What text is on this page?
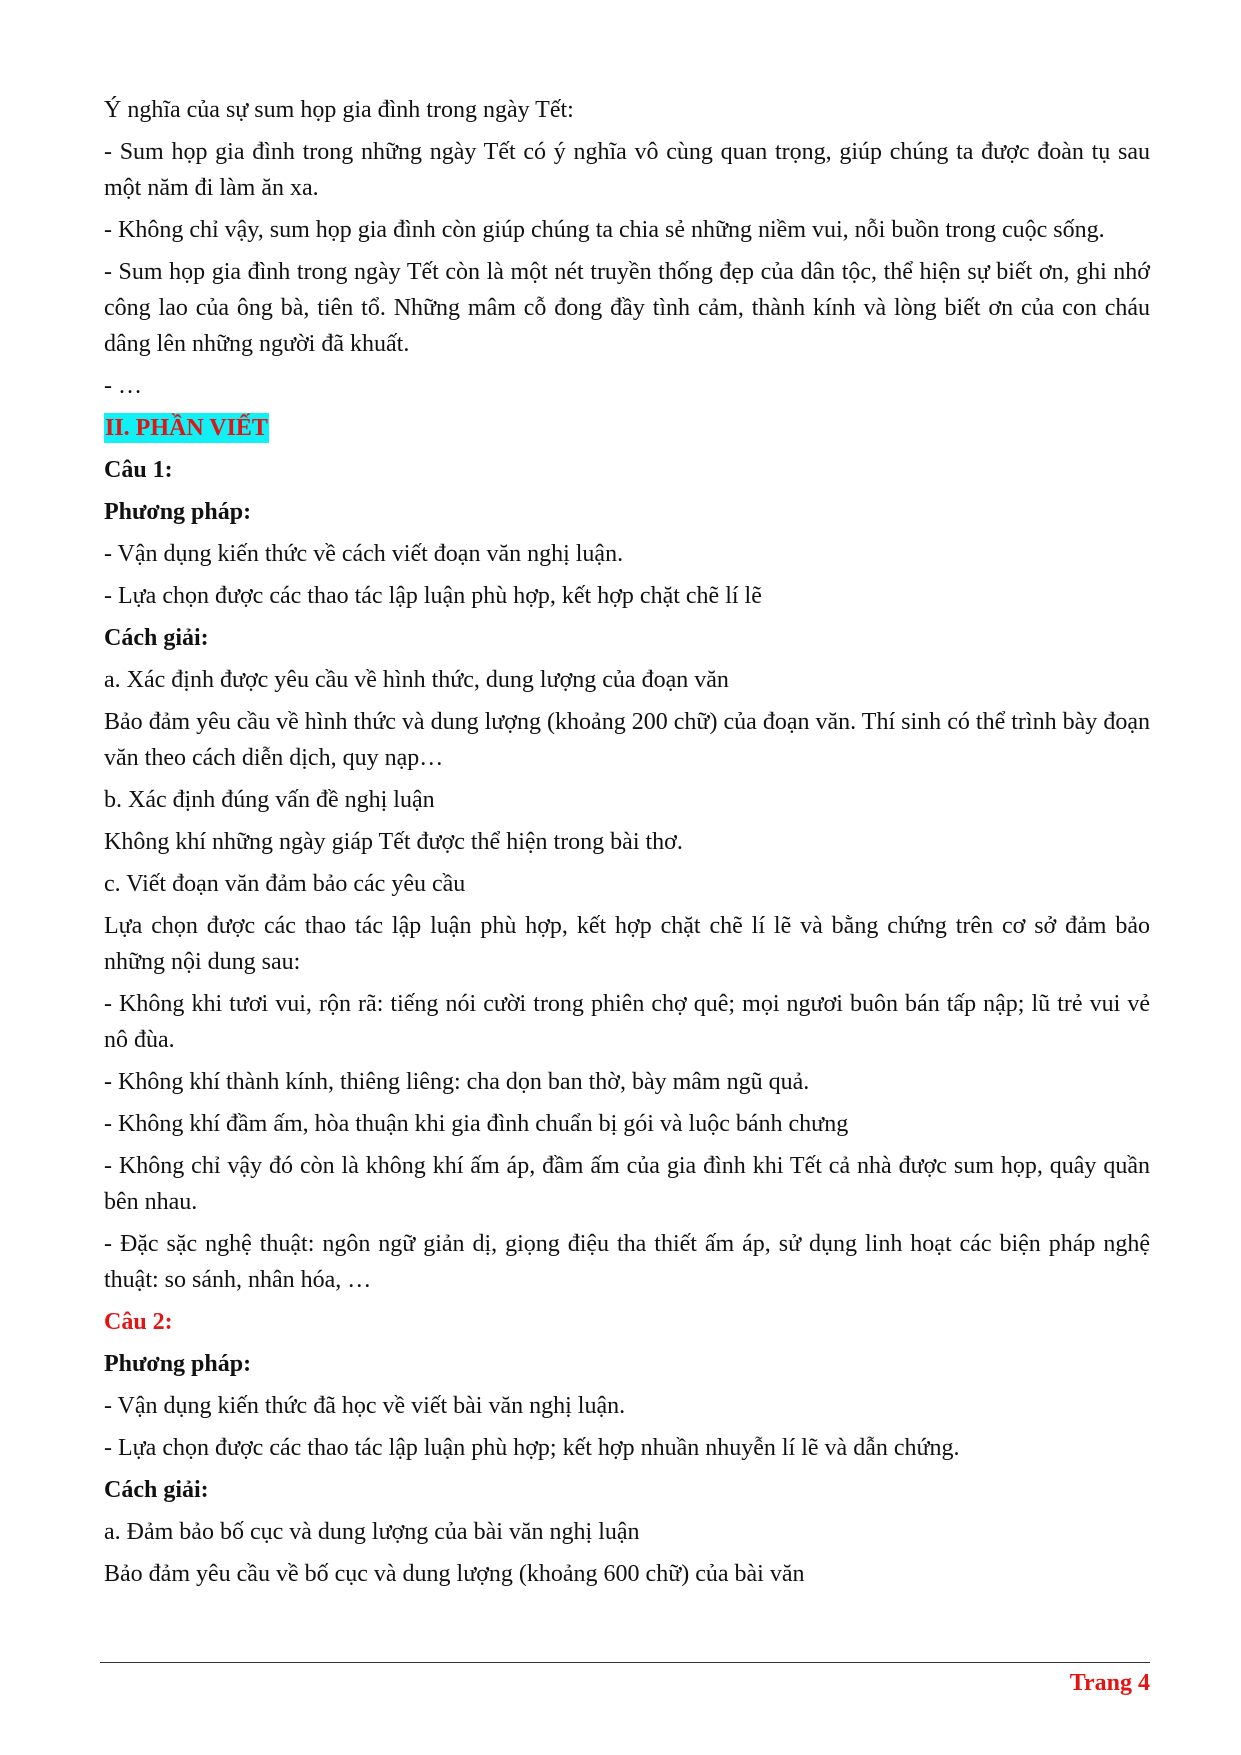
Ý nghĩa của sự sum họp gia đình trong ngày Tết:

- Sum họp gia đình trong những ngày Tết có ý nghĩa vô cùng quan trọng, giúp chúng ta được đoàn tụ sau một năm đi làm ăn xa.

- Không chỉ vậy, sum họp gia đình còn giúp chúng ta chia sẻ những niềm vui, nỗi buồn trong cuộc sống.

- Sum họp gia đình trong ngày Tết còn là một nét truyền thống đẹp của dân tộc, thể hiện sự biết ơn, ghi nhớ công lao của ông bà, tiên tổ. Những mâm cỗ đong đầy tình cảm, thành kính và lòng biết ơn của con cháu dâng lên những người đã khuất.

- …

II. PHẦN VIẾT

Câu 1:

Phương pháp:

- Vận dụng kiến thức về cách viết đoạn văn nghị luận.

- Lựa chọn được các thao tác lập luận phù hợp, kết hợp chặt chẽ lí lẽ

Cách giải:

a. Xác định được yêu cầu về hình thức, dung lượng của đoạn văn

Bảo đảm yêu cầu về hình thức và dung lượng (khoảng 200 chữ) của đoạn văn. Thí sinh có thể trình bày đoạn văn theo cách diễn dịch, quy nạp…

b. Xác định đúng vấn đề nghị luận

Không khí những ngày giáp Tết được thể hiện trong bài thơ.

c. Viết đoạn văn đảm bảo các yêu cầu

Lựa chọn được các thao tác lập luận phù hợp, kết hợp chặt chẽ lí lẽ và bằng chứng trên cơ sở đảm bảo những nội dung sau:

- Không khi tươi vui, rộn rã: tiếng nói cười trong phiên chợ quê; mọi ngươi buôn bán tấp nập; lũ trẻ vui vẻ nô đùa.

- Không khí thành kính, thiêng liêng: cha dọn ban thờ, bày mâm ngũ quả.

- Không khí đầm ấm, hòa thuận khi gia đình chuẩn bị gói và luộc bánh chưng

- Không chỉ vậy đó còn là không khí ấm áp, đầm ấm của gia đình khi Tết cả nhà được sum họp, quây quần bên nhau.

- Đặc sặc nghệ thuật: ngôn ngữ giản dị, giọng điệu tha thiết ấm áp, sử dụng linh hoạt các biện pháp nghệ thuật: so sánh, nhân hóa, …

Câu 2:

Phương pháp:

- Vận dụng kiến thức đã học về viết bài văn nghị luận.

- Lựa chọn được các thao tác lập luận phù hợp; kết hợp nhuần nhuyễn lí lẽ và dẫn chứng.

Cách giải:

a. Đảm bảo bố cục và dung lượng của bài văn nghị luận

Bảo đảm yêu cầu về bố cục và dung lượng (khoảng 600 chữ) của bài văn

Trang 4
